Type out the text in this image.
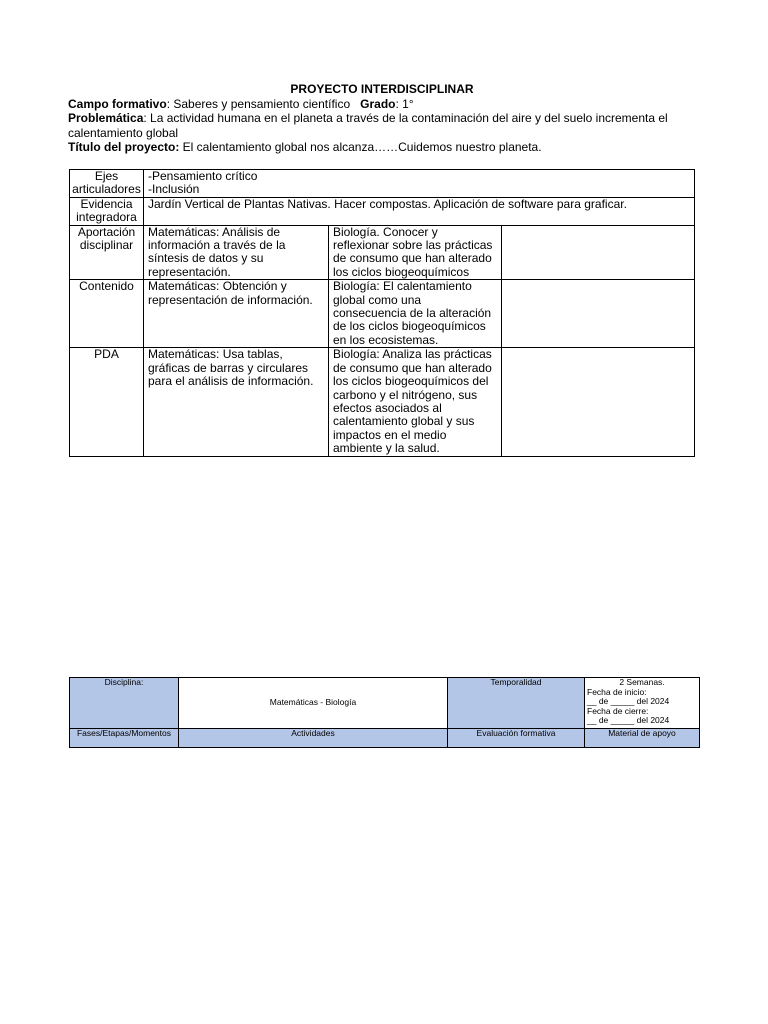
PROYECTO INTERDISCIPLINAR

Campo formativo: Saberes y pensamiento científico Grado: 1°

Problemática: La actividad humana en el planeta a través de la contaminación del aire y del suelo incrementa el calentamiento global

Título del proyecto: El calentamiento global nos alcanza……Cuidemos nuestro planeta.

Ejes articuladores	-Pensamiento crítico
-Inclusión		

Evidencia integradora	Jardín Vertical de Plantas Nativas. Hacer compostas. Aplicación de software para graficar.		
Aportación disciplinar	Matemáticas: Análisis de información a través de la síntesis de datos y su representación.	Biología. Conocer y reflexionar sobre las prácticas de consumo que han alterado los ciclos biogeoquímicos	
Contenido	Matemáticas: Obtención y representación de información.	Biología: El calentamiento global como una consecuencia de la alteración de los ciclos biogeoquímicos en los ecosistemas.	
PDA	Matemáticas: Usa tablas, gráficas de barras y circulares para el análisis de información.	Biología: Analiza las prácticas de consumo que han alterado los ciclos biogeoquímicos del carbono y el nitrógeno, sus efectos asociados al calentamiento global y sus impactos en el medio ambiente y la salud.	
Disciplina:	Matemáticas - Biología	Temporalidad	2 Semanas.
Fecha de inicio:
__ de _____ del 2024
Fecha de cierre:
__ de _____ del 2024

Fases/Etapas/Momentos	Actividades	Evaluación formativa	Material de apoyo
